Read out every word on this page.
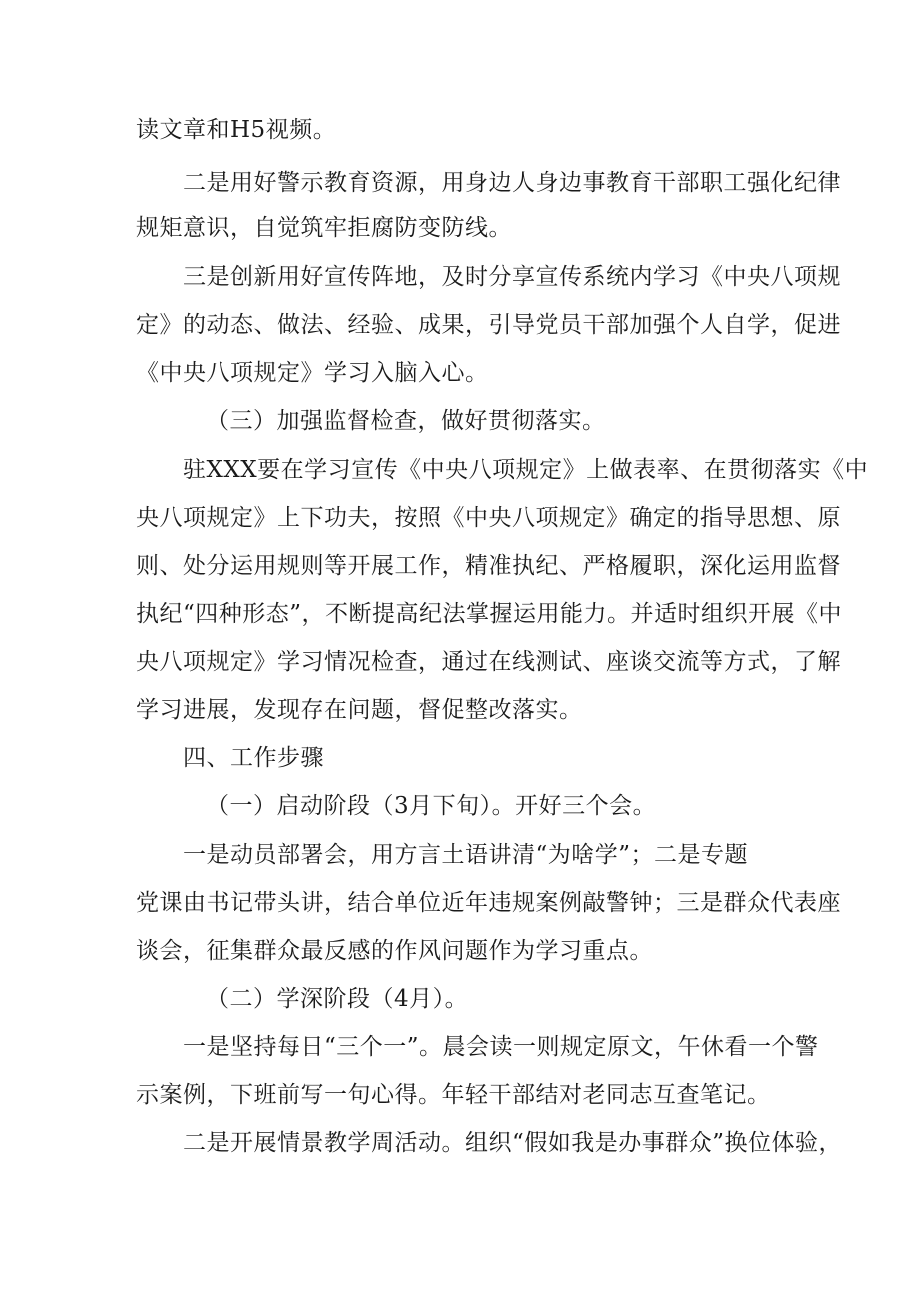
读文章和H5视频。
二是用好警示教育资源，用身边人身边事教育干部职工强化纪律
规矩意识，自觉筑牢拒腐防变防线。
三是创新用好宣传阵地，及时分享宣传系统内学习《中央八项规
定》的动态、做法、经验、成果，引导党员干部加强个人自学，促进
《中央八项规定》学习入脑入心。
（三）加强监督检查，做好贯彻落实。
驻XXX要在学习宣传《中央八项规定》上做表率、在贯彻落实《中
央八项规定》上下功夫，按照《中央八项规定》确定的指导思想、原
则、处分运用规则等开展工作，精准执纪、严格履职，深化运用监督
执纪“四种形态”，不断提高纪法掌握运用能力。并适时组织开展《中
央八项规定》学习情况检查，通过在线测试、座谈交流等方式，了解
学习进展，发现存在问题，督促整改落实。
四、工作步骤
（一）启动阶段（3月下旬）。开好三个会。
一是动员部署会，用方言土语讲清“为啥学”；二是专题
党课由书记带头讲，结合单位近年违规案例敲警钟；三是群众代表座
谈会，征集群众最反感的作风问题作为学习重点。
（二）学深阶段（4月）。
一是坚持每日“三个一”。晨会读一则规定原文，午休看一个警
示案例，下班前写一句心得。年轻干部结对老同志互查笔记。
二是开展情景教学周活动。组织“假如我是办事群众”换位体验，
